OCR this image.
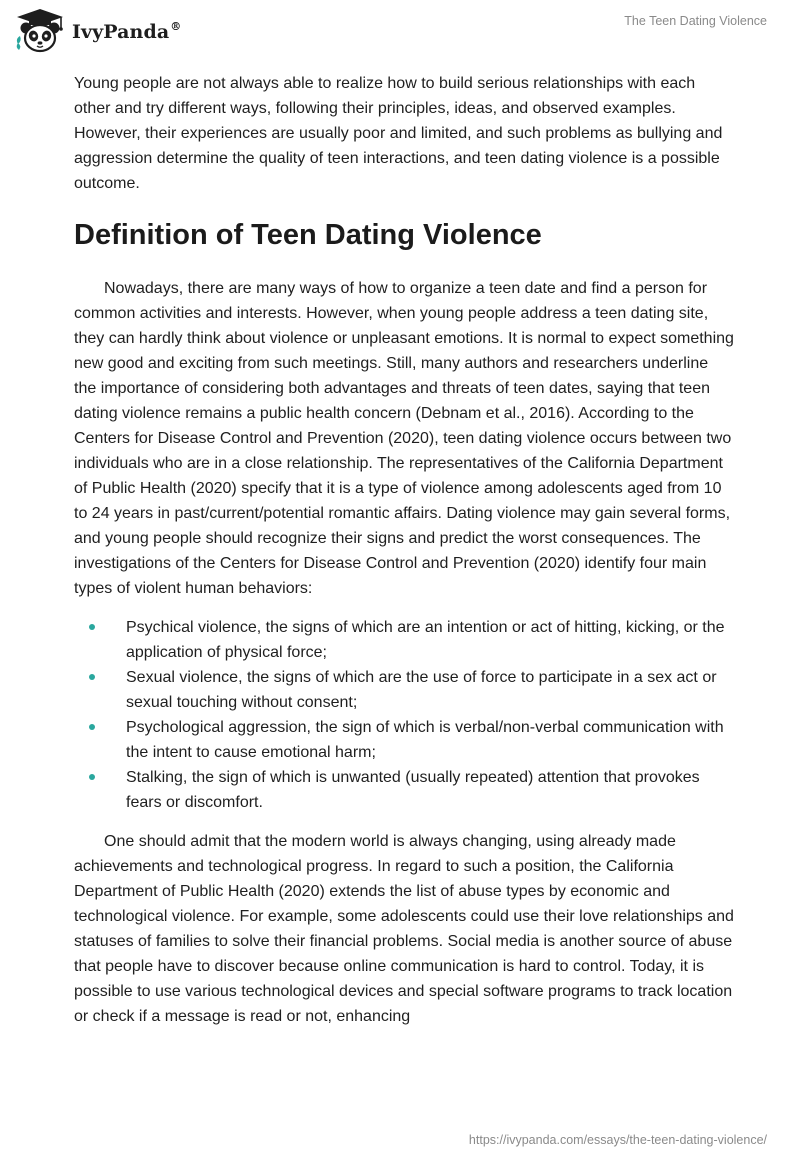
IvyPanda®	The Teen Dating Violence

Young people are not always able to realize how to build serious relationships with each other and try different ways, following their principles, ideas, and observed examples. However, their experiences are usually poor and limited, and such problems as bullying and aggression determine the quality of teen interactions, and teen dating violence is a possible outcome.

Definition of Teen Dating Violence

Nowadays, there are many ways of how to organize a teen date and find a person for common activities and interests. However, when young people address a teen dating site, they can hardly think about violence or unpleasant emotions. It is normal to expect something new good and exciting from such meetings. Still, many authors and researchers underline the importance of considering both advantages and threats of teen dates, saying that teen dating violence remains a public health concern (Debnam et al., 2016). According to the Centers for Disease Control and Prevention (2020), teen dating violence occurs between two individuals who are in a close relationship. The representatives of the California Department of Public Health (2020) specify that it is a type of violence among adolescents aged from 10 to 24 years in past/current/potential romantic affairs. Dating violence may gain several forms, and young people should recognize their signs and predict the worst consequences. The investigations of the Centers for Disease Control and Prevention (2020) identify four main types of violent human behaviors:

Psychical violence, the signs of which are an intention or act of hitting, kicking, or the application of physical force;
Sexual violence, the signs of which are the use of force to participate in a sex act or sexual touching without consent;
Psychological aggression, the sign of which is verbal/non-verbal communication with the intent to cause emotional harm;
Stalking, the sign of which is unwanted (usually repeated) attention that provokes fears or discomfort.

One should admit that the modern world is always changing, using already made achievements and technological progress. In regard to such a position, the California Department of Public Health (2020) extends the list of abuse types by economic and technological violence. For example, some adolescents could use their love relationships and statuses of families to solve their financial problems. Social media is another source of abuse that people have to discover because online communication is hard to control. Today, it is possible to use various technological devices and special software programs to track location or check if a message is read or not, enhancing

https://ivypanda.com/essays/the-teen-dating-violence/
